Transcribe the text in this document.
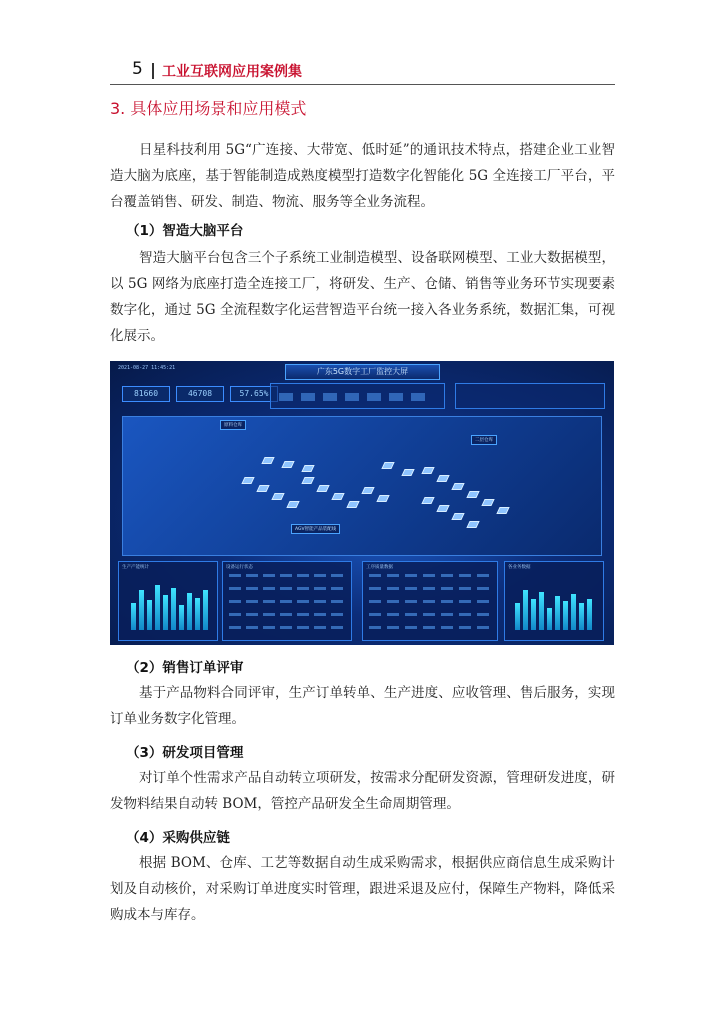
5 工业互联网应用案例集
3. 具体应用场景和应用模式

日星科技利用 5G“广连接、大带宽、低时延”的通讯技术特点，搭建企业工业智造大脑为底座，基于智能制造成熟度模型打造数字化智能化 5G 全连接工厂平台，平台覆盖销售、研发、制造、物流、服务等全业务流程。

（1）智造大脑平台

智造大脑平台包含三个子系统工业制造模型、设备联网模型、工业大数据模型，以 5G 网络为底座打造全连接工厂，将研发、生产、仓储、销售等业务环节实现要素数字化，通过 5G 全流程数字化运营智造平台统一接入各业务系统，数据汇集，可视化展示。

2021-08-27 11:45:21	广东5G数字工厂监控大屏
81660	46708	57.65%
原料仓库
二层仓库
AGV智能产品装配线
生产产能统计	设备运行状态	工序质量数据	各业务数据
（2）销售订单评审

基于产品物料合同评审，生产订单转单、生产进度、应收管理、售后服务，实现订单业务数字化管理。

（3）研发项目管理

对订单个性需求产品自动转立项研发，按需求分配研发资源，管理研发进度，研发物料结果自动转 BOM，管控产品研发全生命周期管理。

（4）采购供应链

根据 BOM、仓库、工艺等数据自动生成采购需求，根据供应商信息生成采购计划及自动核价，对采购订单进度实时管理，跟进采退及应付，保障生产物料，降低采购成本与库存。
